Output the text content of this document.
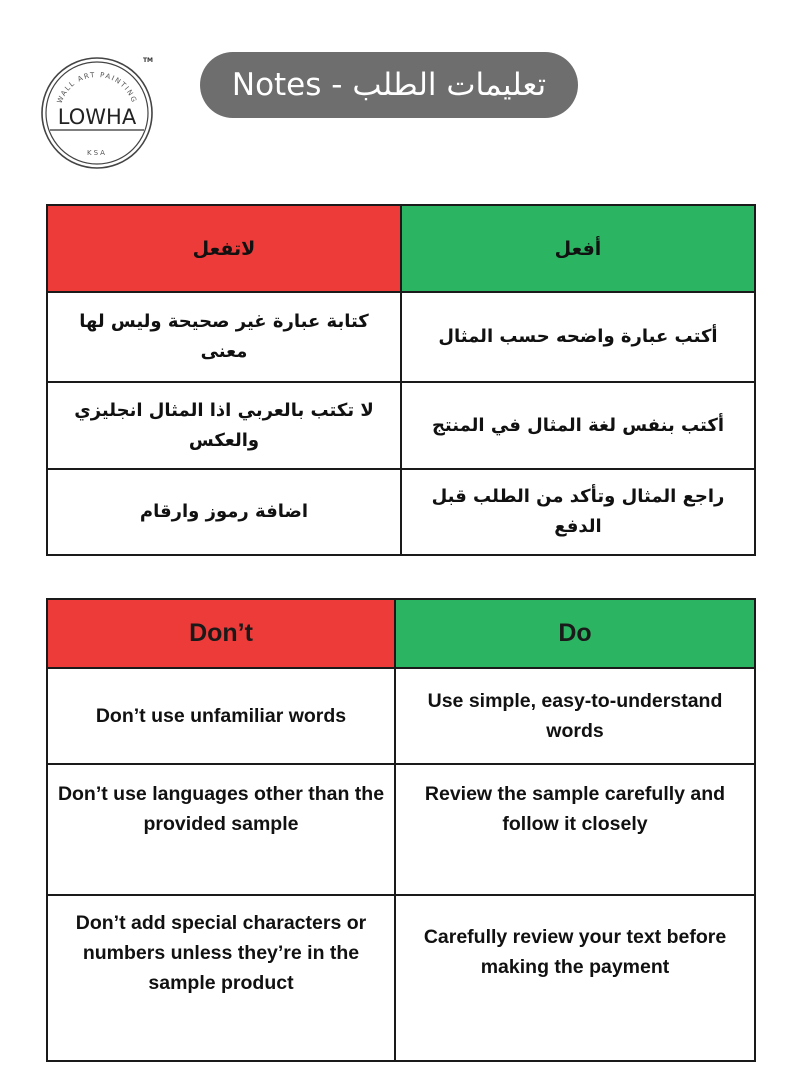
WALL ART PAINTING
LOWHA
KSA
TM
Notes - تعليمات الطلب
لاتفعل	أفعل
كتابة عبارة غير صحيحة وليس لها معنى	أكتب عبارة واضحه حسب المثال
لا تكتب بالعربي اذا المثال انجليزي والعكس	أكتب بنفس لغة المثال في المنتج
اضافة رموز وارقام	راجع المثال وتأكد من الطلب قبل الدفع
Don’t	Do
Don’t use unfamiliar words	Use simple, easy-to-understand words
Don’t use languages other than the provided sample	Review the sample carefully and follow it closely
Don’t add special characters or numbers unless they’re in the sample product	Carefully review your text before making the payment
